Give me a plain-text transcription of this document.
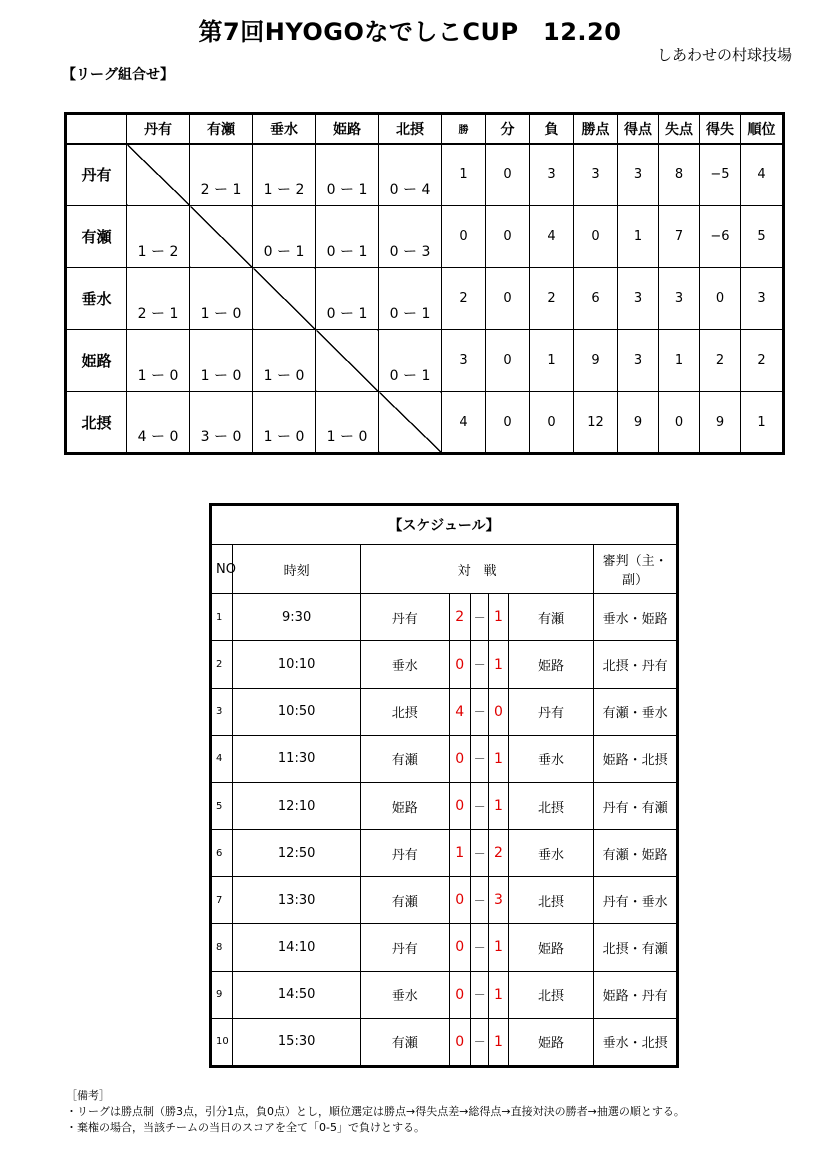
第7回HYOGOなでしこCUP　12.20
しあわせの村球技場
【リーグ組合せ】
	丹有	有瀬	垂水	姫路	北摂	勝	分	負	勝点	得点	失点	得失	順位
丹有		2 ー 1	1 ー 2	0 ー 1	0 ー 4	1	0	3	3	3	8	−5	4
有瀬	1 ー 2		0 ー 1	0 ー 1	0 ー 3	0	0	4	0	1	7	−6	5
垂水	2 ー 1	1 ー 0		0 ー 1	0 ー 1	2	0	2	6	3	3	0	3
姫路	1 ー 0	1 ー 0	1 ー 0		0 ー 1	3	0	1	9	3	1	2	2
北摂	4 ー 0	3 ー 0	1 ー 0	1 ー 0		4	0	0	12	9	0	9	1
【スケジュール】							
NO	時刻	対　戦					審判（主・副）
1	9:30	丹有	2	－	1	有瀬	垂水・姫路
2	10:10	垂水	0	－	1	姫路	北摂・丹有
3	10:50	北摂	4	－	0	丹有	有瀬・垂水
4	11:30	有瀬	0	－	1	垂水	姫路・北摂
5	12:10	姫路	0	－	1	北摂	丹有・有瀬
6	12:50	丹有	1	－	2	垂水	有瀬・姫路
7	13:30	有瀬	0	－	3	北摂	丹有・垂水
8	14:10	丹有	0	－	1	姫路	北摂・有瀬
9	14:50	垂水	0	－	1	北摂	姫路・丹有
10	15:30	有瀬	0	－	1	姫路	垂水・北摂
［備考］
・リーグは勝点制（勝3点，引分1点，負0点）とし，順位選定は勝点→得失点差→総得点→直接対決の勝者→抽選の順とする。
・棄権の場合，当該チームの当日のスコアを全て「0-5」で負けとする。
